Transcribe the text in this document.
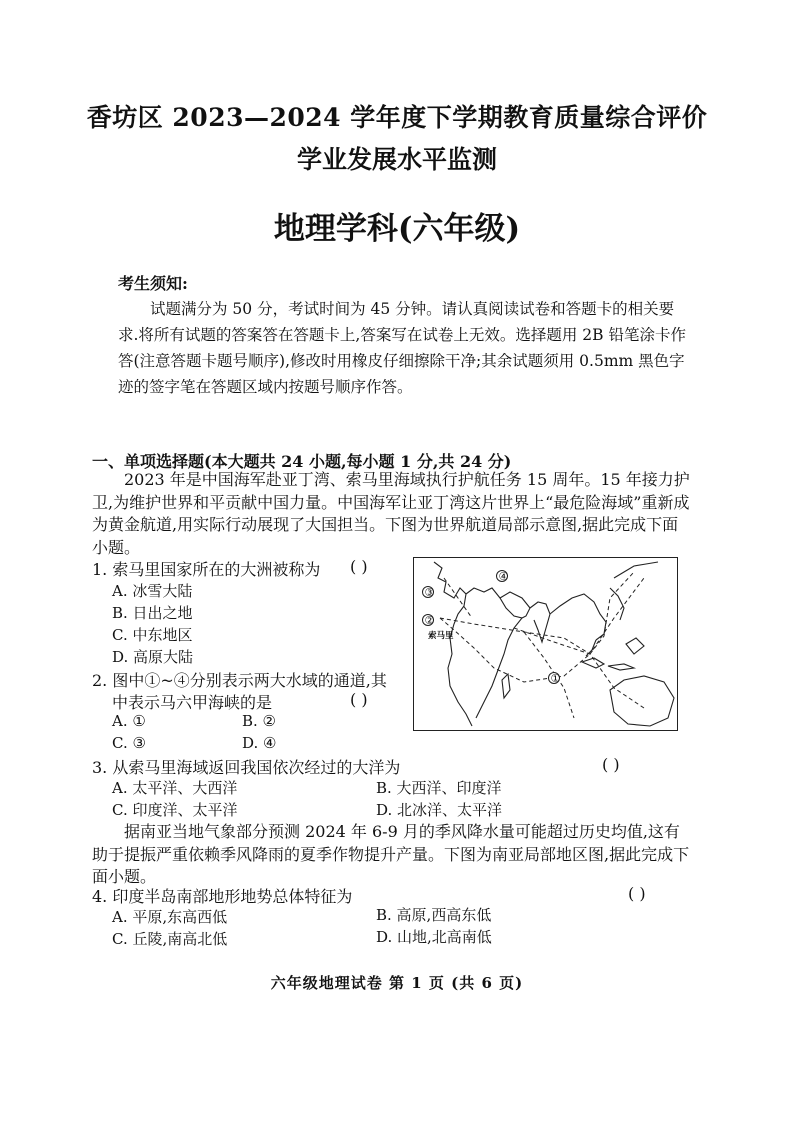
香坊区 2023—2024 学年度下学期教育质量综合评价
学业发展水平监测
地理学科(六年级)
考生须知:
试题满分为 50 分，考试时间为 45 分钟。请认真阅读试卷和答题卡的相关要求.将所有试题的答案答在答题卡上,答案写在试卷上无效。选择题用 2B 铅笔涂卡作答(注意答题卡题号顺序),修改时用橡皮仔细擦除干净;其余试题须用 0.5mm 黑色字迹的签字笔在答题区域内按题号顺序作答。
一、单项选择题(本大题共 24 小题,每小题 1 分,共 24 分)
2023 年是中国海军赴亚丁湾、索马里海域执行护航任务 15 周年。15 年接力护卫,为维护世界和平贡献中国力量。中国海军让亚丁湾这片世界上“最危险海域”重新成为黄金航道,用实际行动展现了大国担当。下图为世界航道局部示意图,据此完成下面小题。
1. 索马里国家所在的大洲被称为 ( )
A. 冰雪大陆
B. 日出之地
C. 中东地区
D. 高原大陆
2. 图中①~④分别表示两大水域的通道,其
中表示马六甲海峡的是	( )
A. ①	B. ②
C. ③	D. ④
③
②
④
①
索马里
3. 从索马里海域返回我国依次经过的大洋为	( )
A. 太平洋、大西洋	B. 大西洋、印度洋
C. 印度洋、太平洋	D. 北冰洋、太平洋
据南亚当地气象部分预测 2024 年 6-9 月的季风降水量可能超过历史均值,这有助于提振严重依赖季风降雨的夏季作物提升产量。下图为南亚局部地区图,据此完成下面小题。
4. 印度半岛南部地形地势总体特征为	( )
A. 平原,东高西低	B. 高原,西高东低
C. 丘陵,南高北低	D. 山地,北高南低
六年级地理试卷 第 1 页 (共 6 页)
